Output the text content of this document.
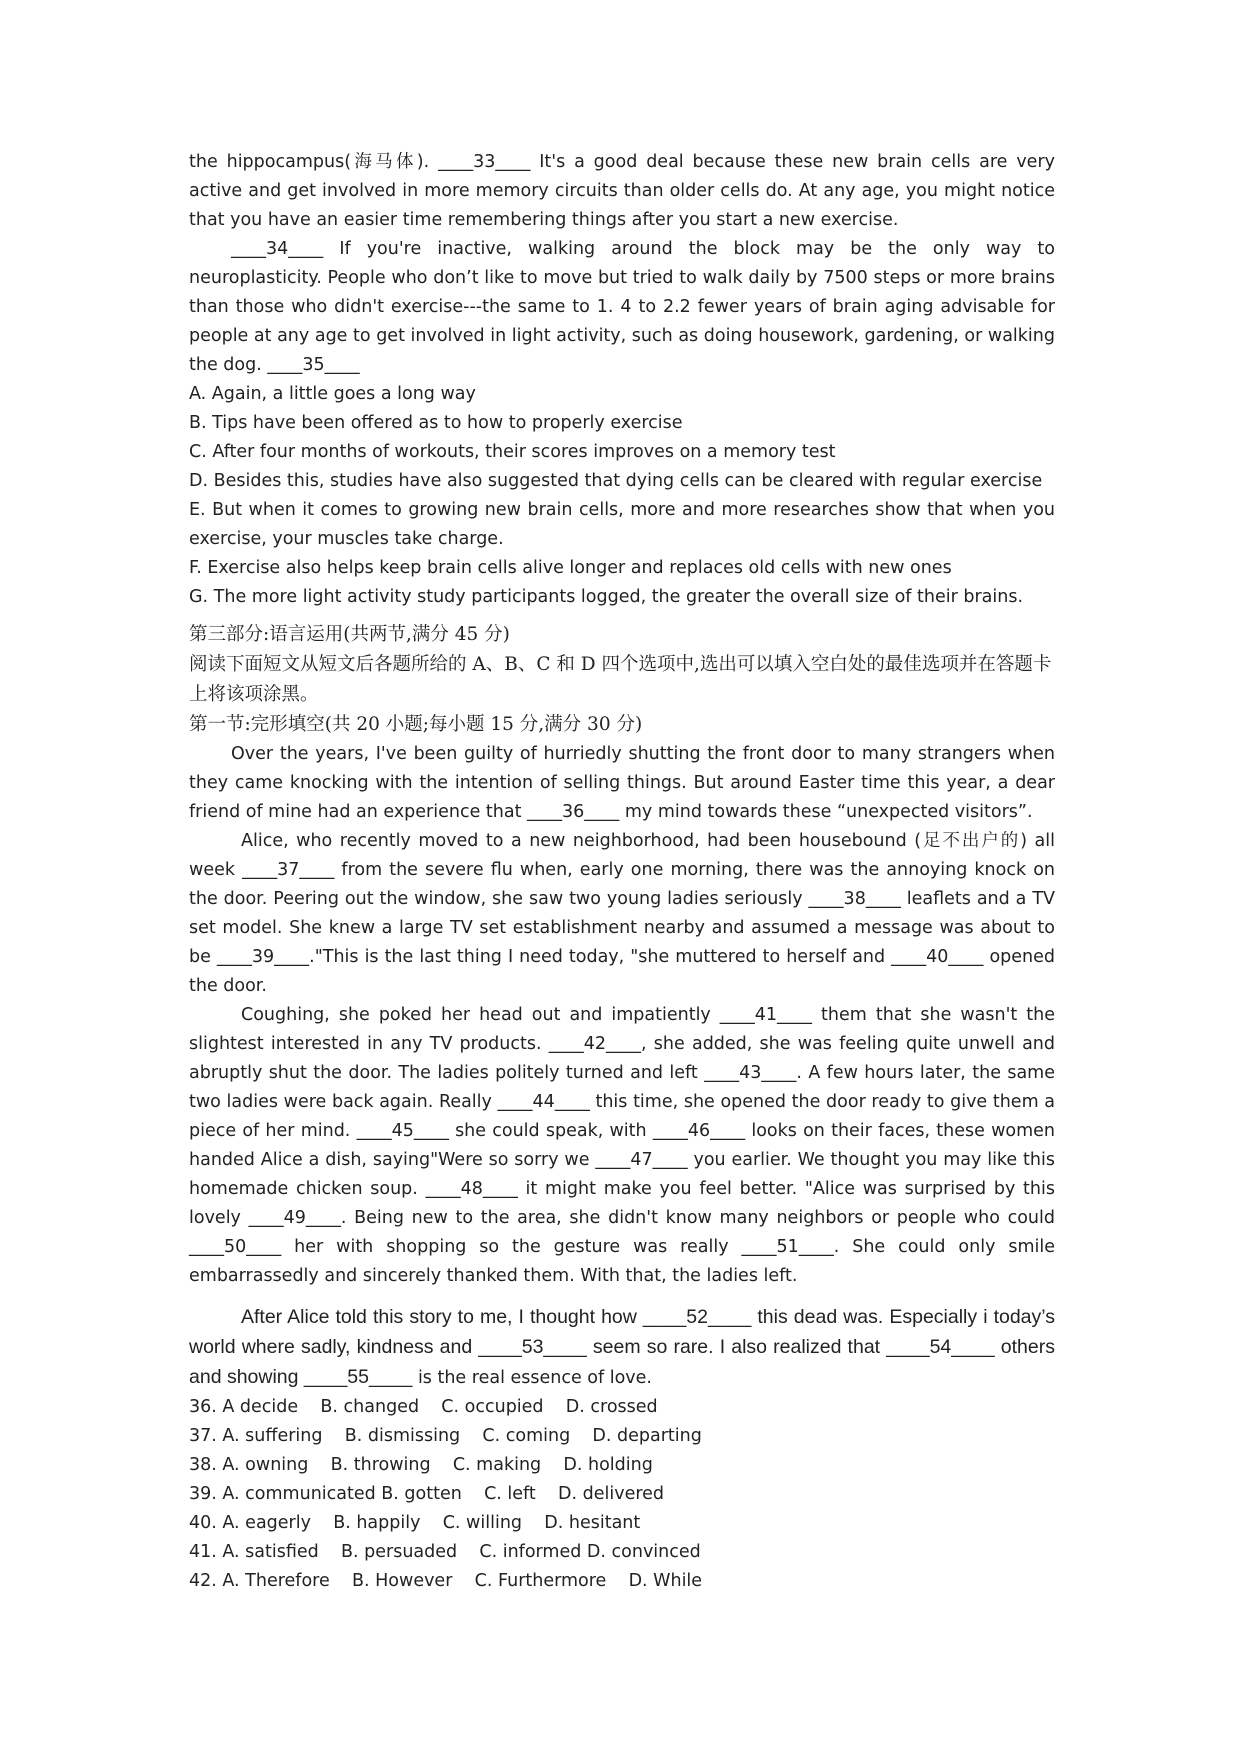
the hippocampus(海马体). ____33____ It's a good deal because these new brain cells are very active and get involved in more memory circuits than older cells do. At any age, you might notice that you have an easier time remembering things after you start a new exercise.

____34____ If you're inactive, walking around the block may be the only way to neuroplasticity. People who don’t like to move but tried to walk daily by 7500 steps or more brains than those who didn't exercise---the same to 1. 4 to 2.2 fewer years of brain aging advisable for people at any age to get involved in light activity, such as doing housework, gardening, or walking the dog. ____35____

A. Again, a little goes a long way

B. Tips have been offered as to how to properly exercise

C. After four months of workouts, their scores improves on a memory test

D. Besides this, studies have also suggested that dying cells can be cleared with regular exercise

E. But when it comes to growing new brain cells, more and more researches show that when you exercise, your muscles take charge.

F. Exercise also helps keep brain cells alive longer and replaces old cells with new ones

G. The more light activity study participants logged, the greater the overall size of their brains.

第三部分:语言运用(共两节,满分 45 分)

阅读下面短文从短文后各题所给的 A、B、C 和 D 四个选项中,选出可以填入空白处的最佳选项并在答题卡上将该项涂黑。

第一节:完形填空(共 20 小题;每小题 15 分,满分 30 分)

Over the years, I've been guilty of hurriedly shutting the front door to many strangers when they came knocking with the intention of selling things. But around Easter time this year, a dear friend of mine had an experience that ____36____ my mind towards these “unexpected visitors”.

Alice, who recently moved to a new neighborhood, had been housebound (足不出户的) all week ____37____ from the severe flu when, early one morning, there was the annoying knock on the door. Peering out the window, she saw two young ladies seriously ____38____ leaflets and a TV set model. She knew a large TV set establishment nearby and assumed a message was about to be ____39____."This is the last thing I need today, "she muttered to herself and ____40____ opened the door.

Coughing, she poked her head out and impatiently ____41____ them that she wasn't the slightest interested in any TV products. ____42____, she added, she was feeling quite unwell and abruptly shut the door. The ladies politely turned and left ____43____. A few hours later, the same two ladies were back again. Really ____44____ this time, she opened the door ready to give them a piece of her mind. ____45____ she could speak, with ____46____ looks on their faces, these women handed Alice a dish, saying"Were so sorry we ____47____ you earlier. We thought you may like this homemade chicken soup. ____48____ it might make you feel better. "Alice was surprised by this lovely ____49____. Being new to the area, she didn't know many neighbors or people who could ____50____ her with shopping so the gesture was really ____51____. She could only smile embarrassedly and sincerely thanked them. With that, the ladies left.

After Alice told this story to me, I thought how ____52____ this dead was. Especially i today’s world where sadly, kindness and ____53____ seem so rare. I also realized that ____54____ others and showing ____55____ is the real essence of love.

36. A decide    B. changed    C. occupied    D. crossed

37. A. suffering    B. dismissing    C. coming    D. departing

38. A. owning    B. throwing    C. making    D. holding

39. A. communicated B. gotten    C. left    D. delivered

40. A. eagerly    B. happily    C. willing    D. hesitant

41. A. satisfied    B. persuaded    C. informed D. convinced

42. A. Therefore    B. However    C. Furthermore    D. While
